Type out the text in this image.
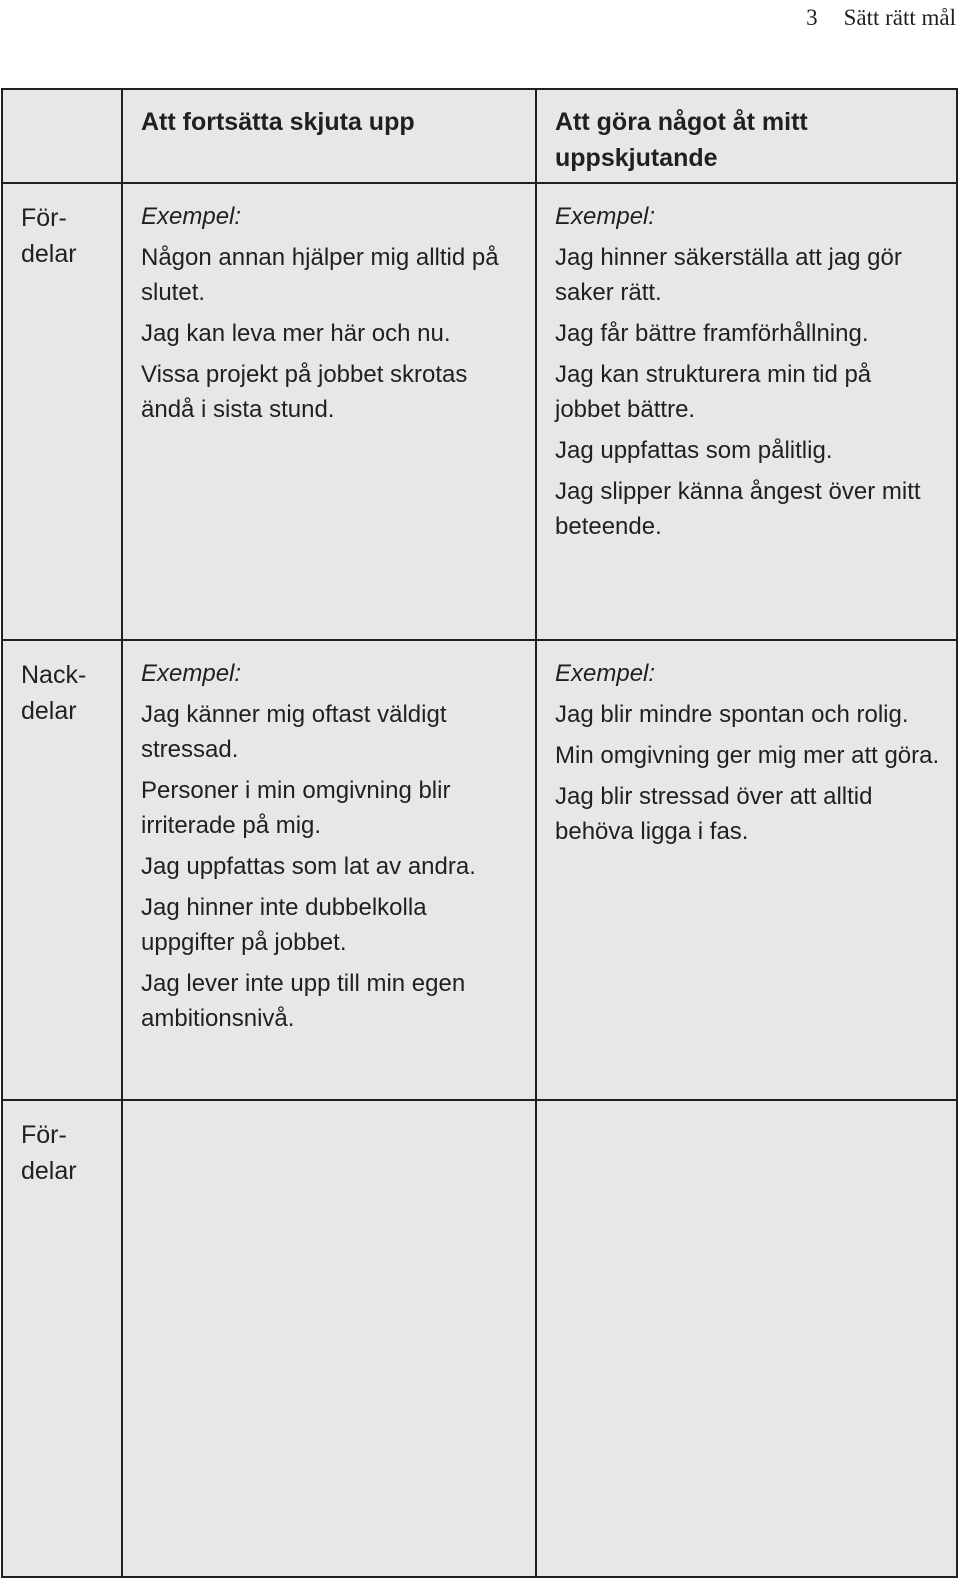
3 Sätt rätt mål
Att fortsätta skjuta upp	Att göra något åt mitt uppskjutande
För-
delar

Exempel:

Någon annan hjälper mig alltid på slutet.

Jag kan leva mer här och nu.

Vissa projekt på jobbet skrotas ändå i sista stund.

Exempel:

Jag hinner säkerställa att jag gör saker rätt.

Jag får bättre framförhållning.

Jag kan strukturera min tid på jobbet bättre.

Jag uppfattas som pålitlig.

Jag slipper känna ångest över mitt beteende.

Nack-
delar

Exempel:

Jag känner mig oftast väldigt stressad.

Personer i min omgivning blir irriterade på mig.

Jag uppfattas som lat av andra.

Jag hinner inte dubbelkolla uppgifter på jobbet.

Jag lever inte upp till min egen ambitionsnivå.

Exempel:

Jag blir mindre spontan och rolig.

Min omgivning ger mig mer att göra.

Jag blir stressad över att alltid behöva ligga i fas.

För-
delar
